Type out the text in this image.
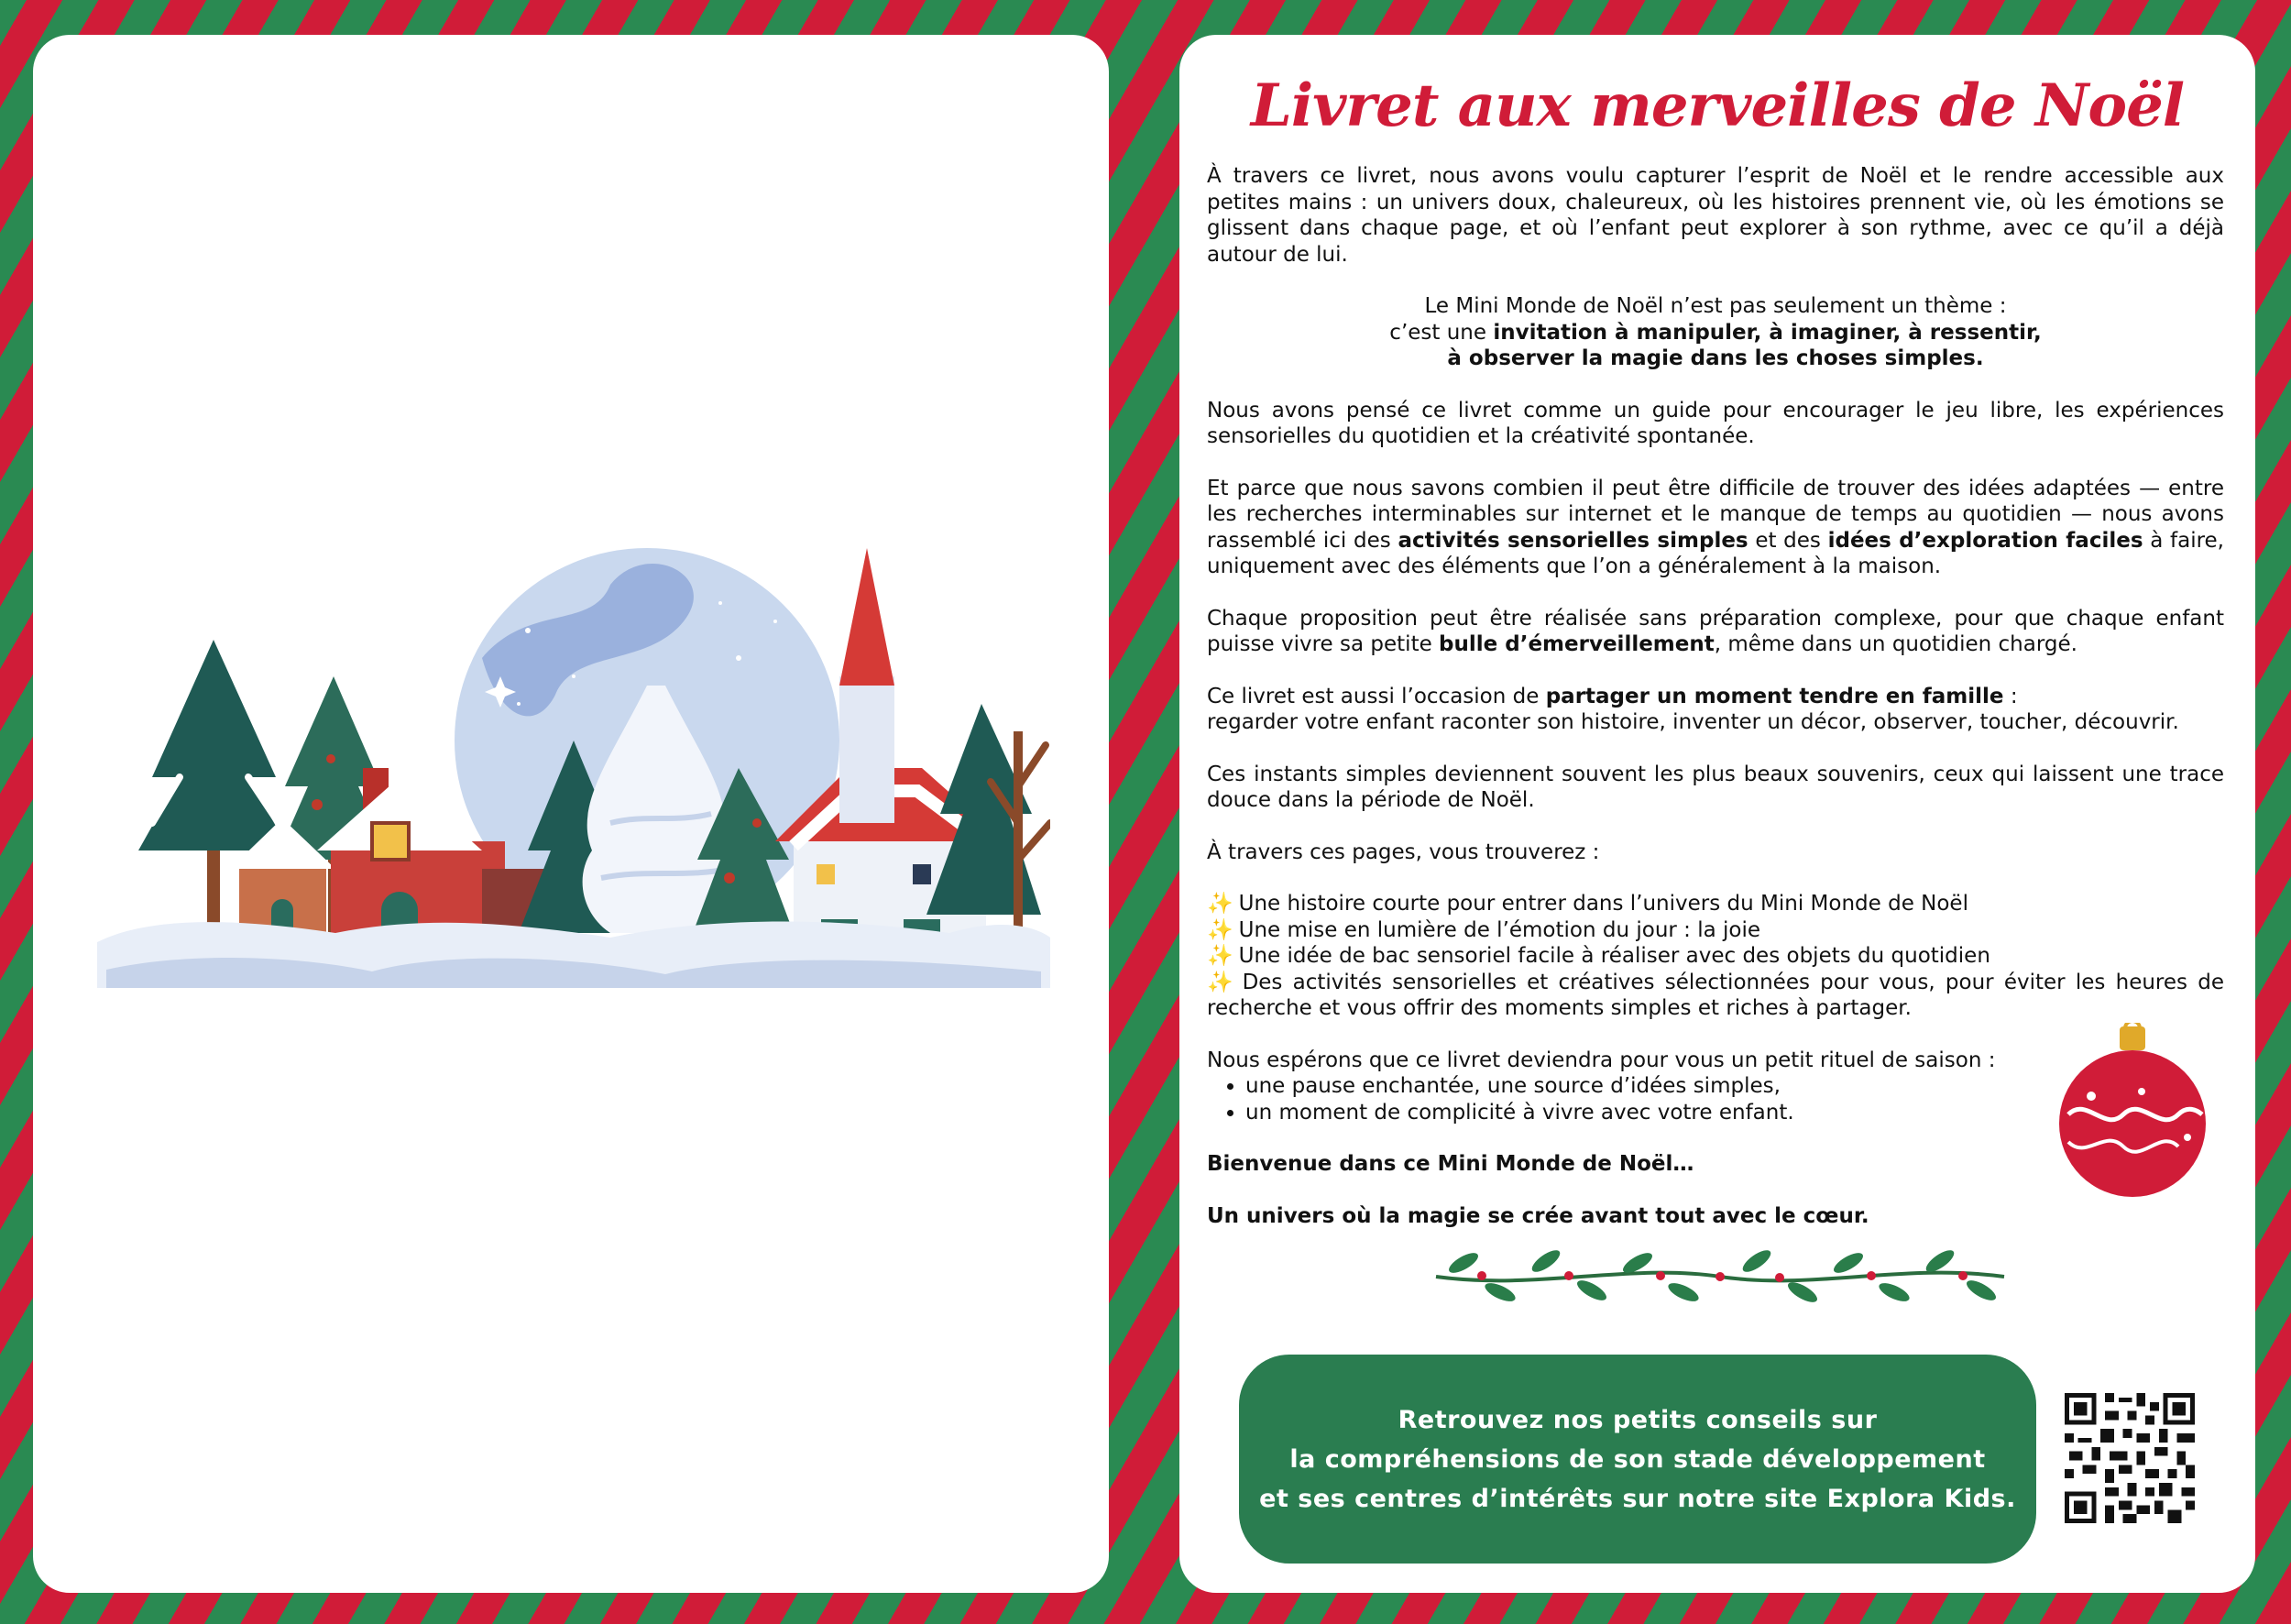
Livret aux merveilles de Noël

À travers ce livret, nous avons voulu capturer l’esprit de Noël et le rendre accessible aux petites mains : un univers doux, chaleureux, où les histoires prennent vie, où les émotions se glissent dans chaque page, et où l’enfant peut explorer à son rythme, avec ce qu’il a déjà autour de lui.

Le Mini Monde de Noël n’est pas seulement un thème :
c’est une invitation à manipuler, à imaginer, à ressentir,
à observer la magie dans les choses simples.

Nous avons pensé ce livret comme un guide pour encourager le jeu libre, les expériences sensorielles du quotidien et la créativité spontanée.

Et parce que nous savons combien il peut être difficile de trouver des idées adaptées — entre les recherches interminables sur internet et le manque de temps au quotidien — nous avons rassemblé ici des activités sensorielles simples et des idées d’exploration faciles à faire, uniquement avec des éléments que l’on a généralement à la maison.

Chaque proposition peut être réalisée sans préparation complexe, pour que chaque enfant puisse vivre sa petite bulle d’émerveillement, même dans un quotidien chargé.

Ce livret est aussi l’occasion de partager un moment tendre en famille :
regarder votre enfant raconter son histoire, inventer un décor, observer, toucher, découvrir.

Ces instants simples deviennent souvent les plus beaux souvenirs, ceux qui laissent une trace douce dans la période de Noël.

À travers ces pages, vous trouverez :

✨ Une histoire courte pour entrer dans l’univers du Mini Monde de Noël

✨ Une mise en lumière de l’émotion du jour : la joie

✨ Une idée de bac sensoriel facile à réaliser avec des objets du quotidien

✨ Des activités sensorielles et créatives sélectionnées pour vous, pour éviter les heures de recherche et vous offrir des moments simples et riches à partager.

Nous espérons que ce livret deviendra pour vous un petit rituel de saison :

• une pause enchantée, une source d’idées simples,
• un moment de complicité à vivre avec votre enfant.

Bienvenue dans ce Mini Monde de Noël…

Un univers où la magie se crée avant tout avec le cœur.

Retrouvez nos petits conseils sur
la compréhensions de son stade développement
et ses centres d’intérêts sur notre site Explora Kids.
